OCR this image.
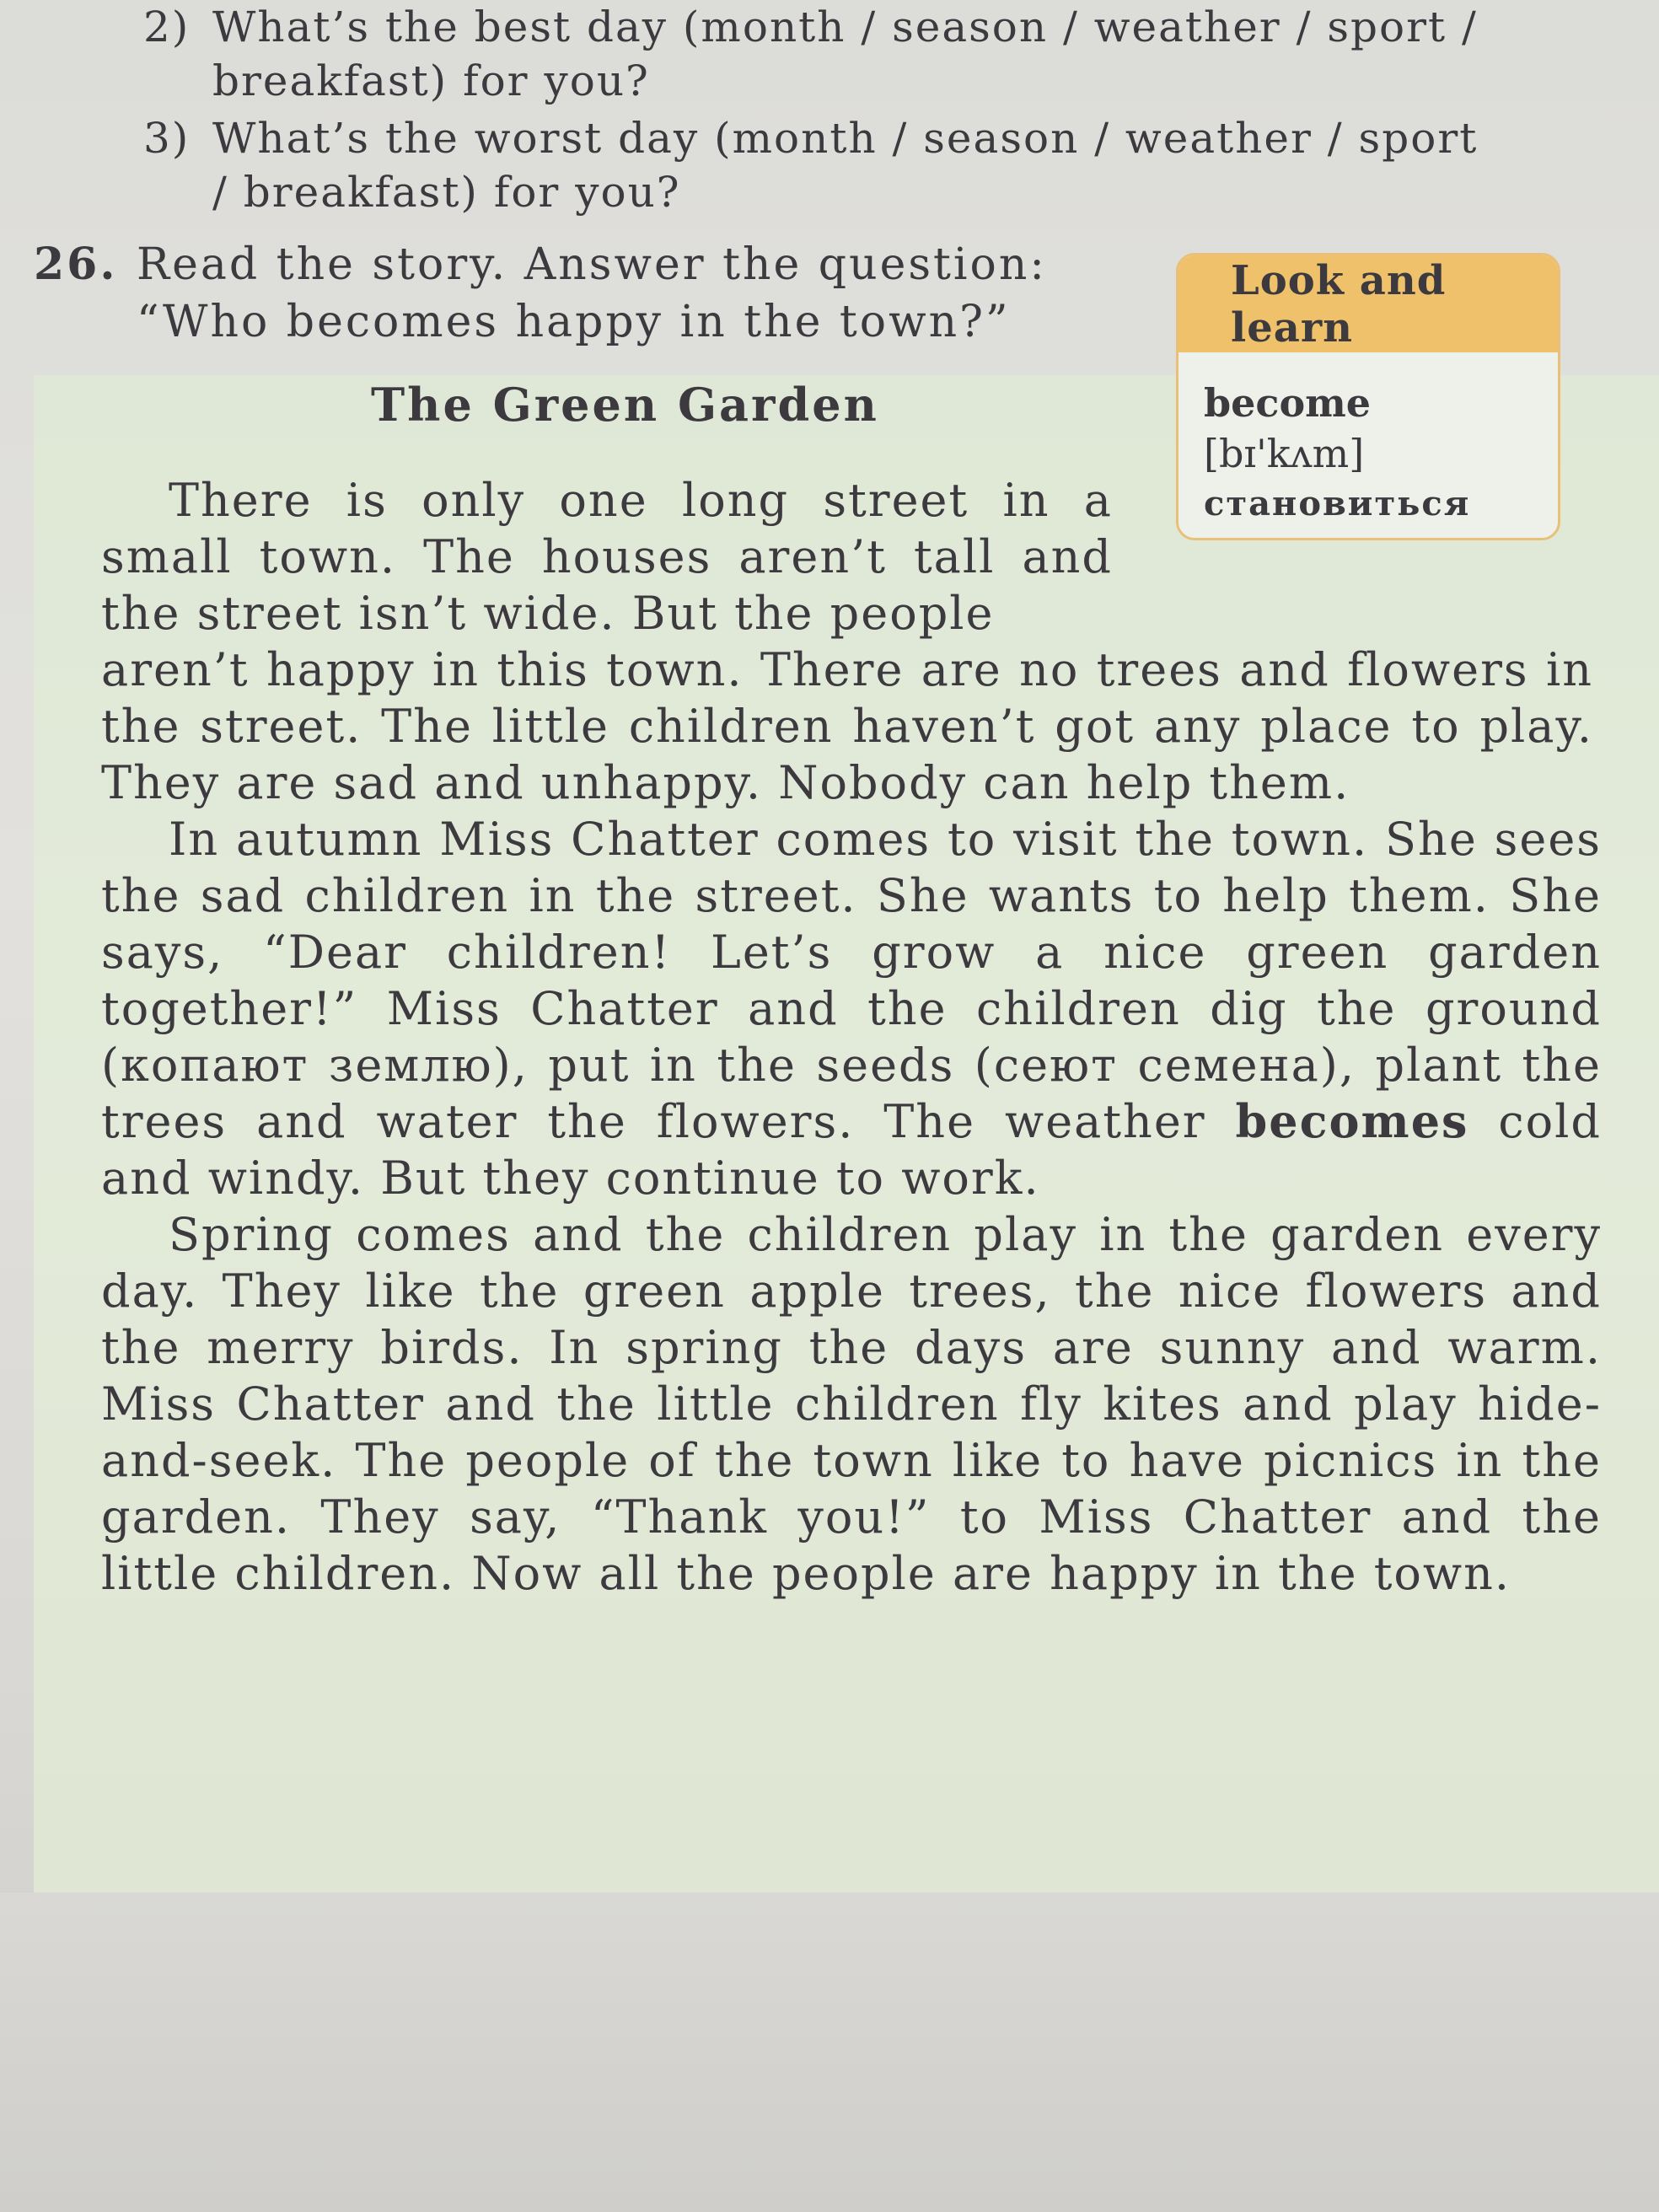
2) What’s the best day (month / season / weather / sport / breakfast) for you?
3) What’s the worst day (month / season / weather / sport / breakfast) for you?
26. Read the story. Answer the question: “Who becomes happy in the town?”
Look and learn
become [bɪ'kʌm]
становиться
The Green Garden

There is only one long street in a small town. The houses aren’t tall and the street isn’t wide. But the people

aren’t happy in this town. There are no trees and flowers in the street. The little children haven’t got any place to play. They are sad and unhappy. Nobody can help them.

In autumn Miss Chatter comes to visit the town. She sees the sad children in the street. She wants to help them. She says, “Dear children! Let’s grow a nice green garden together!” Miss Chatter and the children dig the ground (копают землю), put in the seeds (сеют семена), plant the trees and water the flowers. The weather becomes cold and windy. But they continue to work.

Spring comes and the children play in the garden every day. They like the green apple trees, the nice flowers and the merry birds. In spring the days are sunny and warm. Miss Chatter and the little children fly kites and play hide-and-seek. The people of the town like to have picnics in the garden. They say, “Thank you!” to Miss Chatter and the little children. Now all the people are happy in the town.
